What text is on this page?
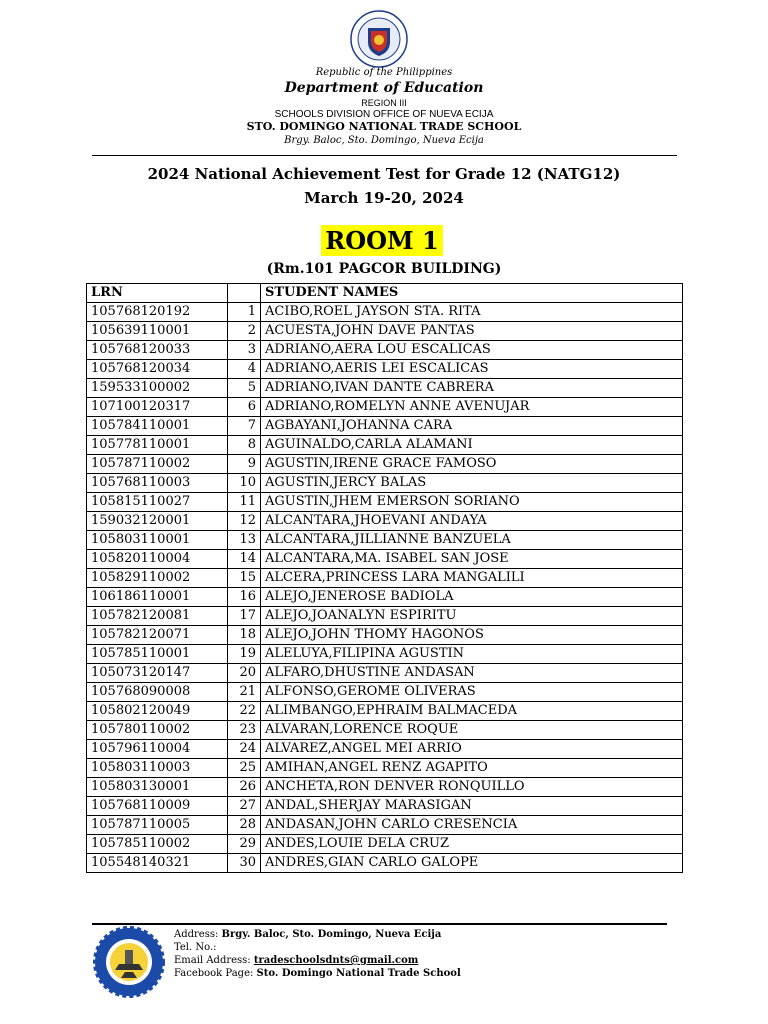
Republic of the Philippines
Department of Education
REGION III
SCHOOLS DIVISION OFFICE OF NUEVA ECIJA
STO. DOMINGO NATIONAL TRADE SCHOOL
Brgy. Baloc, Sto. Domingo, Nueva Ecija
2024 National Achievement Test for Grade 12 (NATG12)
March 19-20, 2024
ROOM 1
(Rm.101 PAGCOR BUILDING)
LRN		STUDENT NAMES
105768120192	1	ACIBO,ROEL JAYSON STA. RITA
105639110001	2	ACUESTA,JOHN DAVE PANTAS
105768120033	3	ADRIANO,AERA LOU ESCALICAS
105768120034	4	ADRIANO,AERIS LEI ESCALICAS
159533100002	5	ADRIANO,IVAN DANTE CABRERA
107100120317	6	ADRIANO,ROMELYN ANNE AVENUJAR
105784110001	7	AGBAYANI,JOHANNA CARA
105778110001	8	AGUINALDO,CARLA ALAMANI
105787110002	9	AGUSTIN,IRENE GRACE FAMOSO
105768110003	10	AGUSTIN,JERCY BALAS
105815110027	11	AGUSTIN,JHEM EMERSON SORIANO
159032120001	12	ALCANTARA,JHOEVANI ANDAYA
105803110001	13	ALCANTARA,JILLIANNE BANZUELA
105820110004	14	ALCANTARA,MA. ISABEL SAN JOSE
105829110002	15	ALCERA,PRINCESS LARA MANGALILI
106186110001	16	ALEJO,JENEROSE BADIOLA
105782120081	17	ALEJO,JOANALYN ESPIRITU
105782120071	18	ALEJO,JOHN THOMY HAGONOS
105785110001	19	ALELUYA,FILIPINA AGUSTIN
105073120147	20	ALFARO,DHUSTINE ANDASAN
105768090008	21	ALFONSO,GEROME OLIVERAS
105802120049	22	ALIMBANGO,EPHRAIM BALMACEDA
105780110002	23	ALVARAN,LORENCE ROQUE
105796110004	24	ALVAREZ,ANGEL MEI ARRIO
105803110003	25	AMIHAN,ANGEL RENZ AGAPITO
105803130001	26	ANCHETA,RON DENVER RONQUILLO
105768110009	27	ANDAL,SHERJAY MARASIGAN
105787110005	28	ANDASAN,JOHN CARLO CRESENCIA
105785110002	29	ANDES,LOUIE DELA CRUZ
105548140321	30	ANDRES,GIAN CARLO GALOPE
Address: Brgy. Baloc, Sto. Domingo, Nueva Ecija
Tel. No.:
Email Address: tradeschoolsdnts@gmail.com
Facebook Page: Sto. Domingo National Trade School
